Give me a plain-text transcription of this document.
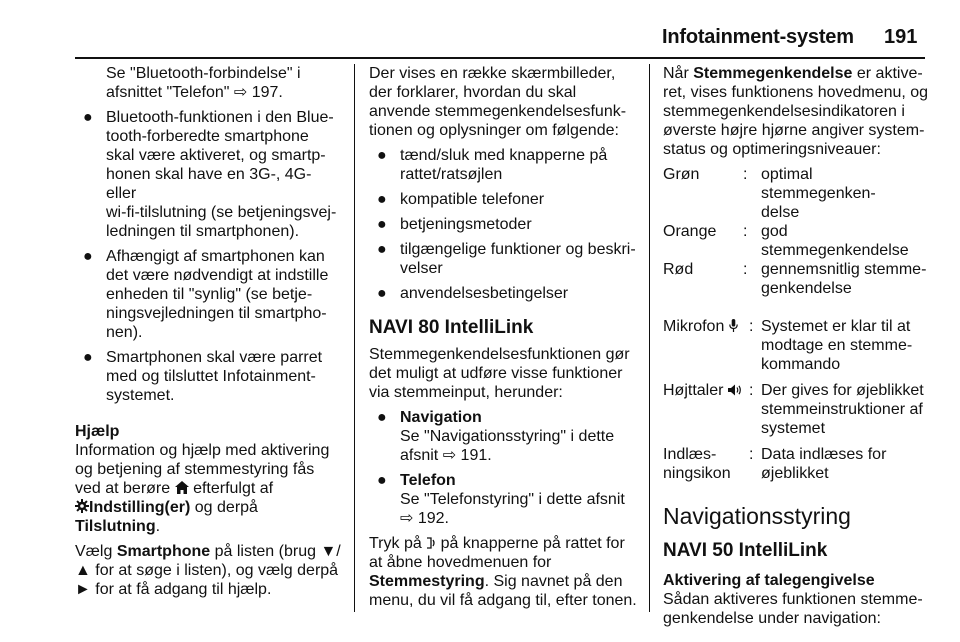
Infotainment-system 191

Se "Bluetooth-forbindelse" i
afsnittet "Telefon" ⇨ 197.

● Bluetooth-funktionen i den Blue-
tooth-forberedte smartphone
skal være aktiveret, og smartp-
honen skal have en 3G-, 4G- eller
wi-fi-tilslutning (se betjeningsvej-
ledningen til smartphonen).
● Afhængigt af smartphonen kan
det være nødvendigt at indstille
enheden til "synlig" (se betje-
ningsvejledningen til smartpho-
nen).
● Smartphonen skal være parret
med og tilsluttet Infotainment-
systemet.

Hjælp

Information og hjælp med aktivering
og betjening af stemmestyring fås
ved at berøre efterfulgt af
Indstilling(er) og derpå Tilslutning.

Vælg Smartphone på listen (brug ▼/
▲ for at søge i listen), og vælg derpå
► for at få adgang til hjælp.

Der vises en række skærmbilleder,
der forklarer, hvordan du skal
anvende stemmegenkendelsesfunk-
tionen og oplysninger om følgende:

● tænd/sluk med knapperne på
rattet/ratsøjlen
● kompatible telefoner
● betjeningsmetoder
● tilgængelige funktioner og beskri-
velser
● anvendelsesbetingelser

NAVI 80 IntelliLink

Stemmegenkendelsesfunktionen gør
det muligt at udføre visse funktioner
via stemmeinput, herunder:

● Navigation
Se "Navigationsstyring" i dette
afsnit ⇨ 191.
● Telefon
Se "Telefonstyring" i dette afsnit
⇨ 192.

Tryk på på knapperne på rattet for
at åbne hovedmenuen for
Stemmestyring. Sig navnet på den
menu, du vil få adgang til, efter tonen.

Når Stemmegenkendelse er aktive-
ret, vises funktionens hovedmenu, og
stemmegenkendelsesindikatoren i
øverste højre hjørne angiver system-
status og optimeringsniveauer:

Grøn	: optimal stemmegenken-
delse
Orange	: god stemmegenkendelse
Rød	: gennemsnitlig stemme-
genkendelse
Mikrofon	: Systemet er klar til at
modtage en stemme-
kommando
Højttaler	: Der gives for øjeblikket
stemmeinstruktioner af
systemet
Indlæs-
ningsikon
: Data indlæses for
øjeblikket

Navigationsstyring

NAVI 50 IntelliLink

Aktivering af talegengivelse

Sådan aktiveres funktionen stemme-
genkendelse under navigation:
